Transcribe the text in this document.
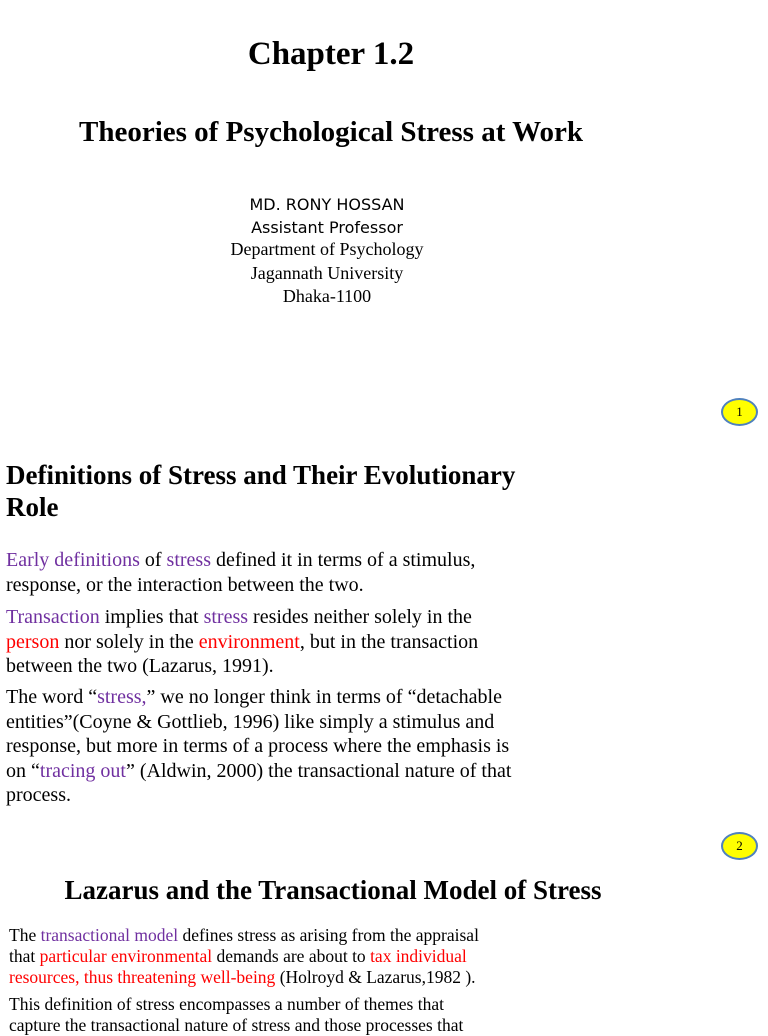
Chapter 1.2
Theories of Psychological Stress at Work
MD. RONY HOSSAN
Assistant Professor
Department of Psychology
Jagannath University
Dhaka-1100
1
Definitions of Stress and Their Evolutionary
Role
Early definitions of stress defined it in terms of a stimulus,
response, or the interaction between the two.
Transaction implies that stress resides neither solely in the
person nor solely in the environment, but in the transaction
between the two (Lazarus, 1991).
The word “stress,” we no longer think in terms of “detachable
entities”(Coyne & Gottlieb, 1996) like simply a stimulus and
response, but more in terms of a process where the emphasis is
on “tracing out” (Aldwin, 2000) the transactional nature of that
process.
2
Lazarus and the Transactional Model of Stress
The transactional model defines stress as arising from the appraisal
that particular environmental demands are about to tax individual
resources, thus threatening well-being (Holroyd & Lazarus,1982 ).
This definition of stress encompasses a number of themes that
capture the transactional nature of stress and those processes that
